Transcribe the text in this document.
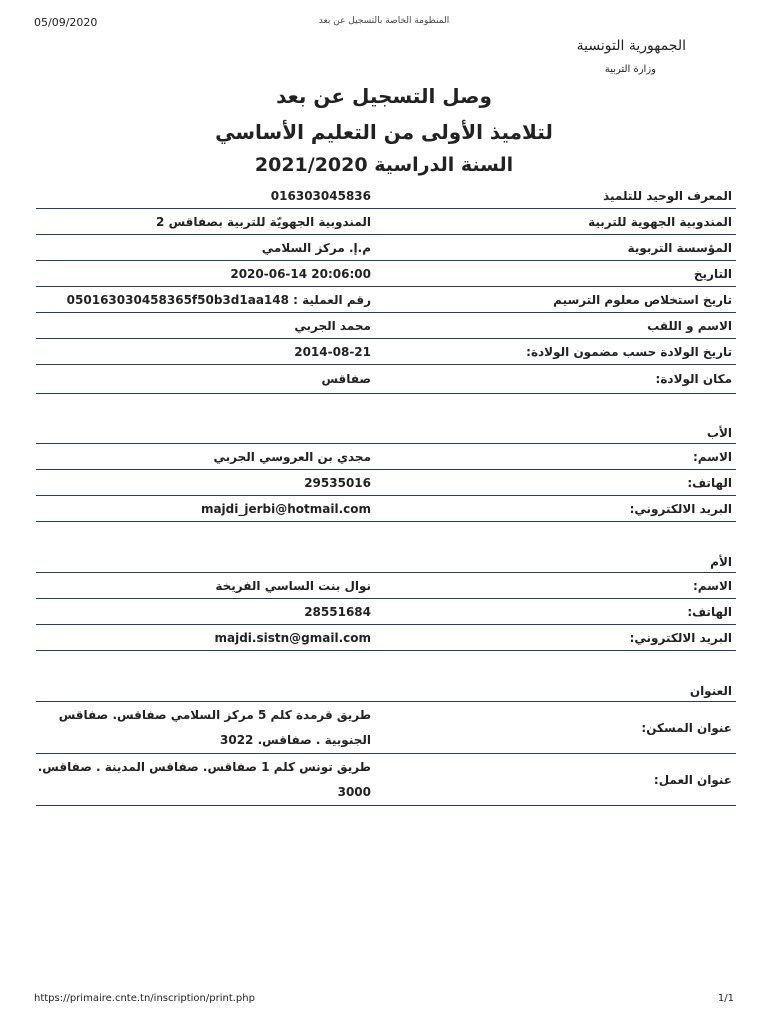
05/09/2020	المنظومة الخاصة بالتسجيل عن بعد
الجمهورية التونسية
وزارة التربية
وصل التسجيل عن بعد
لتلاميذ الأولى من التعليم الأساسي
السنة الدراسية 2021/2020
المعرف الوحيد للتلميذ
016303045836
المندوبية الجهوية للتربية
المندوبية الجهويّة للتربية بصفاقس 2
المؤسسة التربوية
م.إ. مركز السلامي
التاريخ
20:06:00 2020-06-14
تاريخ استخلاص معلوم الترسيم
رقم العملية : 050163030458365f50b3d1aa148
الاسم و اللقب
محمد الجربي
تاريخ الولادة حسب مضمون الولادة:
2014-08-21
مكان الولادة:
صفاقس
الأب
الاسم:
مجدي بن العروسي الجربي
الهاتف:
29535016
البريد الالكتروني:
majdi_jerbi@hotmail.com
الأم
الاسم:
نوال بنت الساسي الفريخة
الهاتف:
28551684
البريد الالكتروني:
majdi.sistn@gmail.com
العنوان
عنوان المسكن:
طريق قرمدة كلم 5 مركز السلامي صفاقس. صفاقس الجنوبية . صفاقس. 3022
عنوان العمل:
طريق تونس كلم 1 صفاقس. صفاقس المدينة . صفاقس. 3000
https://primaire.cnte.tn/inscription/print.php	1/1
